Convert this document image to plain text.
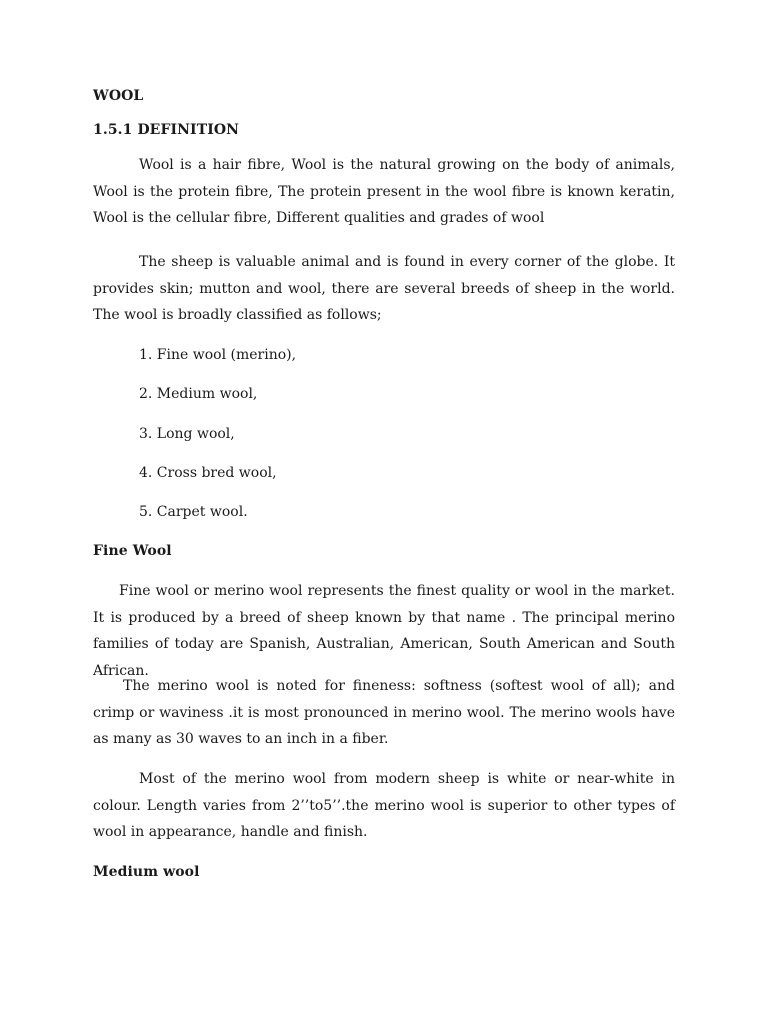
WOOL
1.5.1 DEFINITION

Wool is a hair fibre, Wool is the natural growing on the body of animals, Wool is the protein fibre, The protein present in the wool fibre is known keratin, Wool is the cellular fibre, Different qualities and grades of wool

The sheep is valuable animal and is found in every corner of the globe. It provides skin; mutton and wool, there are several breeds of sheep in the world. The wool is broadly classified as follows;

1. Fine wool (merino),
2. Medium wool,
3. Long wool,
4. Cross bred wool,
5. Carpet wool.
Fine Wool

Fine wool or merino wool represents the finest quality or wool in the market. It is produced by a breed of sheep known by that name . The principal merino families of today are Spanish, Australian, American, South American and South African.

The merino wool is noted for fineness: softness (softest wool of all); and crimp or waviness .it is most pronounced in merino wool. The merino wools have as many as 30 waves to an inch in a fiber.

Most of the merino wool from modern sheep is white or near-white in colour. Length varies from 2’’to5’’.the merino wool is superior to other types of wool in appearance, handle and finish.

Medium wool
